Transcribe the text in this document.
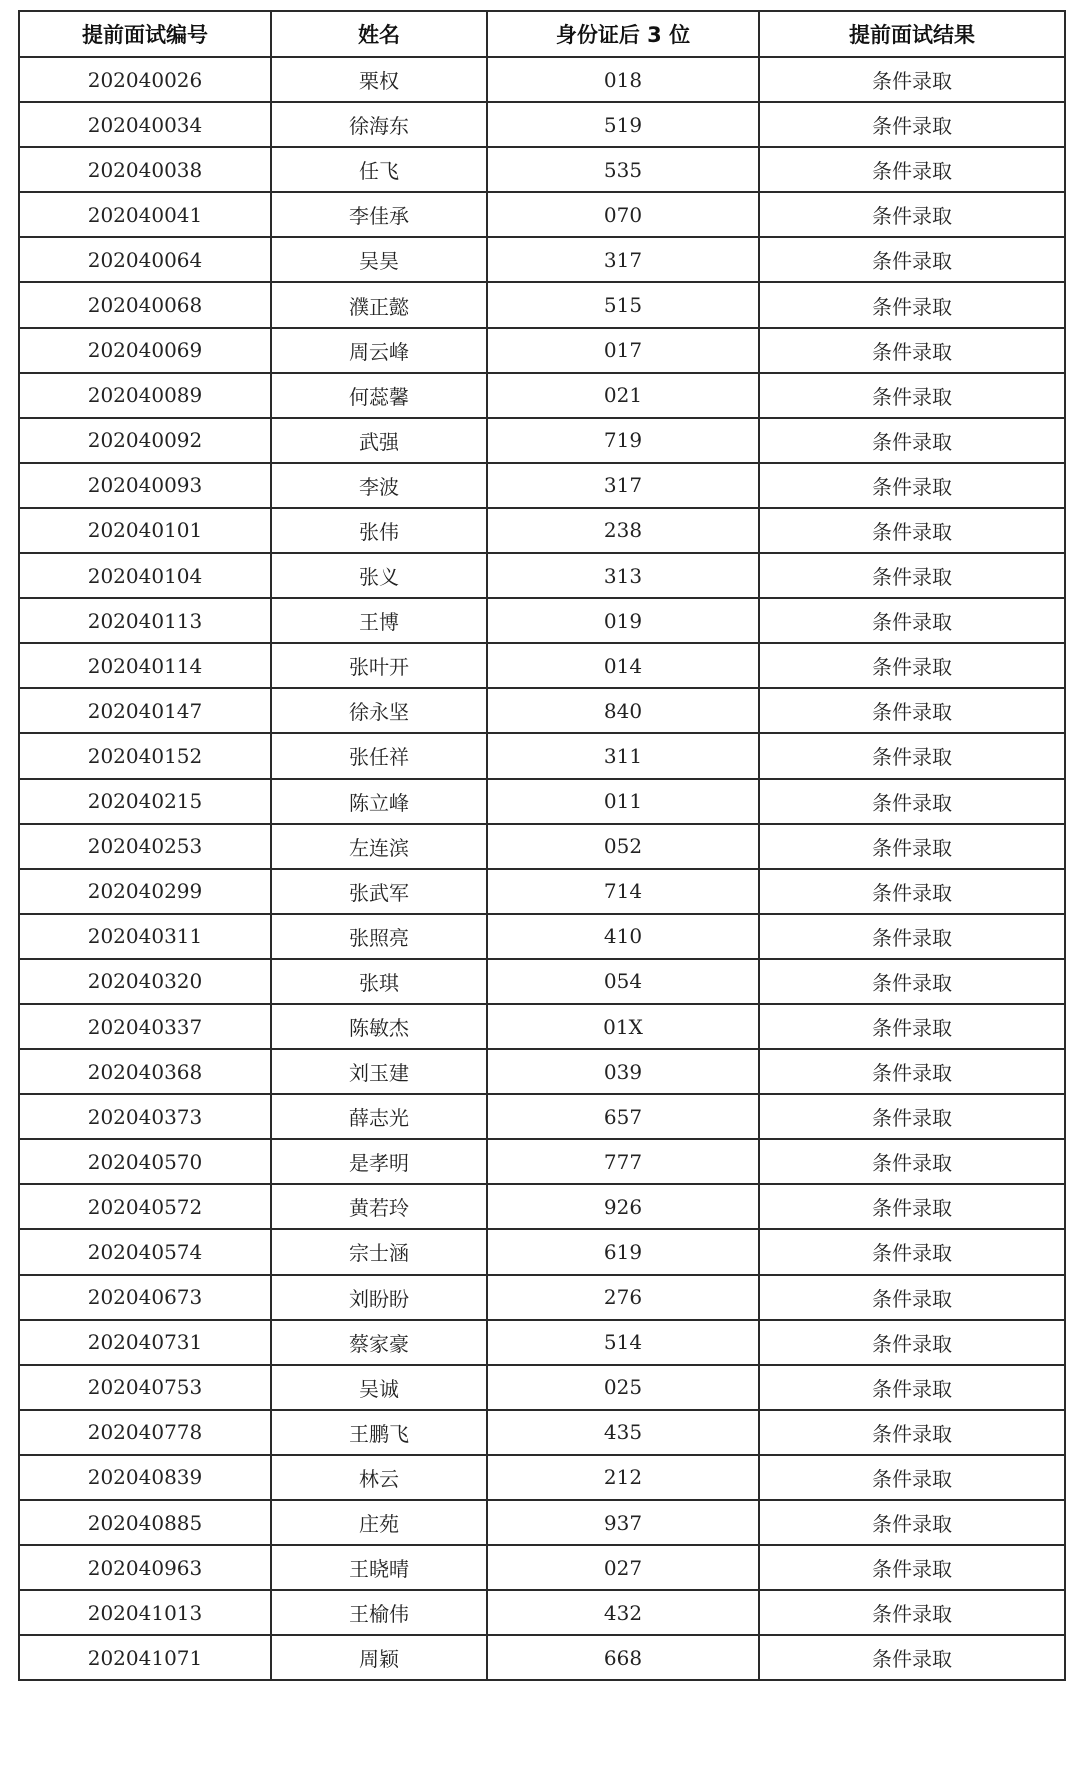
提前面试编号	姓名	身份证后 3 位	提前面试结果
202040026	栗权	018	条件录取
202040034	徐海东	519	条件录取
202040038	任飞	535	条件录取
202040041	李佳承	070	条件录取
202040064	吴昊	317	条件录取
202040068	濮正懿	515	条件录取
202040069	周云峰	017	条件录取
202040089	何蕊馨	021	条件录取
202040092	武强	719	条件录取
202040093	李波	317	条件录取
202040101	张伟	238	条件录取
202040104	张义	313	条件录取
202040113	王博	019	条件录取
202040114	张叶开	014	条件录取
202040147	徐永坚	840	条件录取
202040152	张任祥	311	条件录取
202040215	陈立峰	011	条件录取
202040253	左连滨	052	条件录取
202040299	张武军	714	条件录取
202040311	张照亮	410	条件录取
202040320	张琪	054	条件录取
202040337	陈敏杰	01X	条件录取
202040368	刘玉建	039	条件录取
202040373	薛志光	657	条件录取
202040570	是孝明	777	条件录取
202040572	黄若玲	926	条件录取
202040574	宗士涵	619	条件录取
202040673	刘盼盼	276	条件录取
202040731	蔡家豪	514	条件录取
202040753	吴诚	025	条件录取
202040778	王鹏飞	435	条件录取
202040839	林云	212	条件录取
202040885	庄苑	937	条件录取
202040963	王晓晴	027	条件录取
202041013	王榆伟	432	条件录取
202041071	周颖	668	条件录取
